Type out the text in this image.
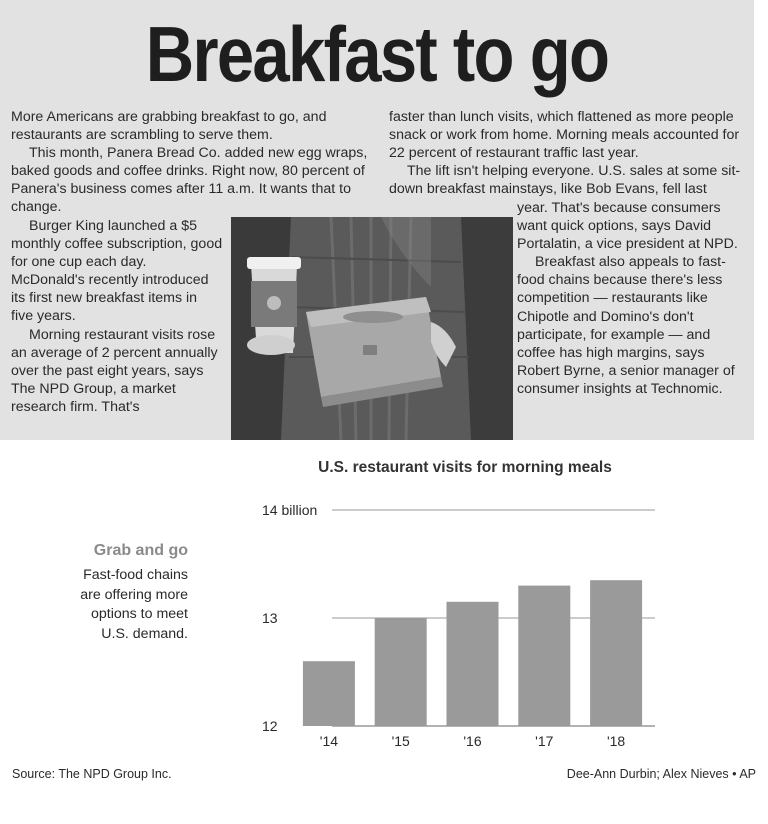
Breakfast to go

More Americans are grabbing breakfast to go, and restaurants are scrambling to serve them.

This month, Panera Bread Co. added new egg wraps, baked goods and coffee drinks. Right now, 80 percent of Panera's business comes after 11 a.m. It wants that to change.

Burger King launched a $5 monthly coffee subscription, good for one cup each day. McDonald's recently introduced its first new breakfast items in five years.

Morning restaurant visits rose an average of 2 percent annually over the past eight years, says The NPD Group, a market research firm. That's

faster than lunch visits, which flattened as more people snack or work from home. Morning meals accounted for 22 percent of restaurant traffic last year.

The lift isn't helping everyone. U.S. sales at some sit-down breakfast mainstays, like Bob Evans, fell last

year. That's because consumers want quick options, says David Portalatin, a vice president at NPD.

Breakfast also appeals to fast-food chains because there's less competition — restaurants like Chipotle and Domino's don't participate, for example — and coffee has high margins, says Robert Byrne, a senior manager of consumer insights at Technomic.

Grab and go
Fast-food chains are offering more options to meet U.S. demand.
U.S. restaurant visits for morning meals
12
13
14 billion
'14	'15	'16	'17	'18
Source: The NPD Group Inc.	Dee-Ann Durbin; Alex Nieves • AP
